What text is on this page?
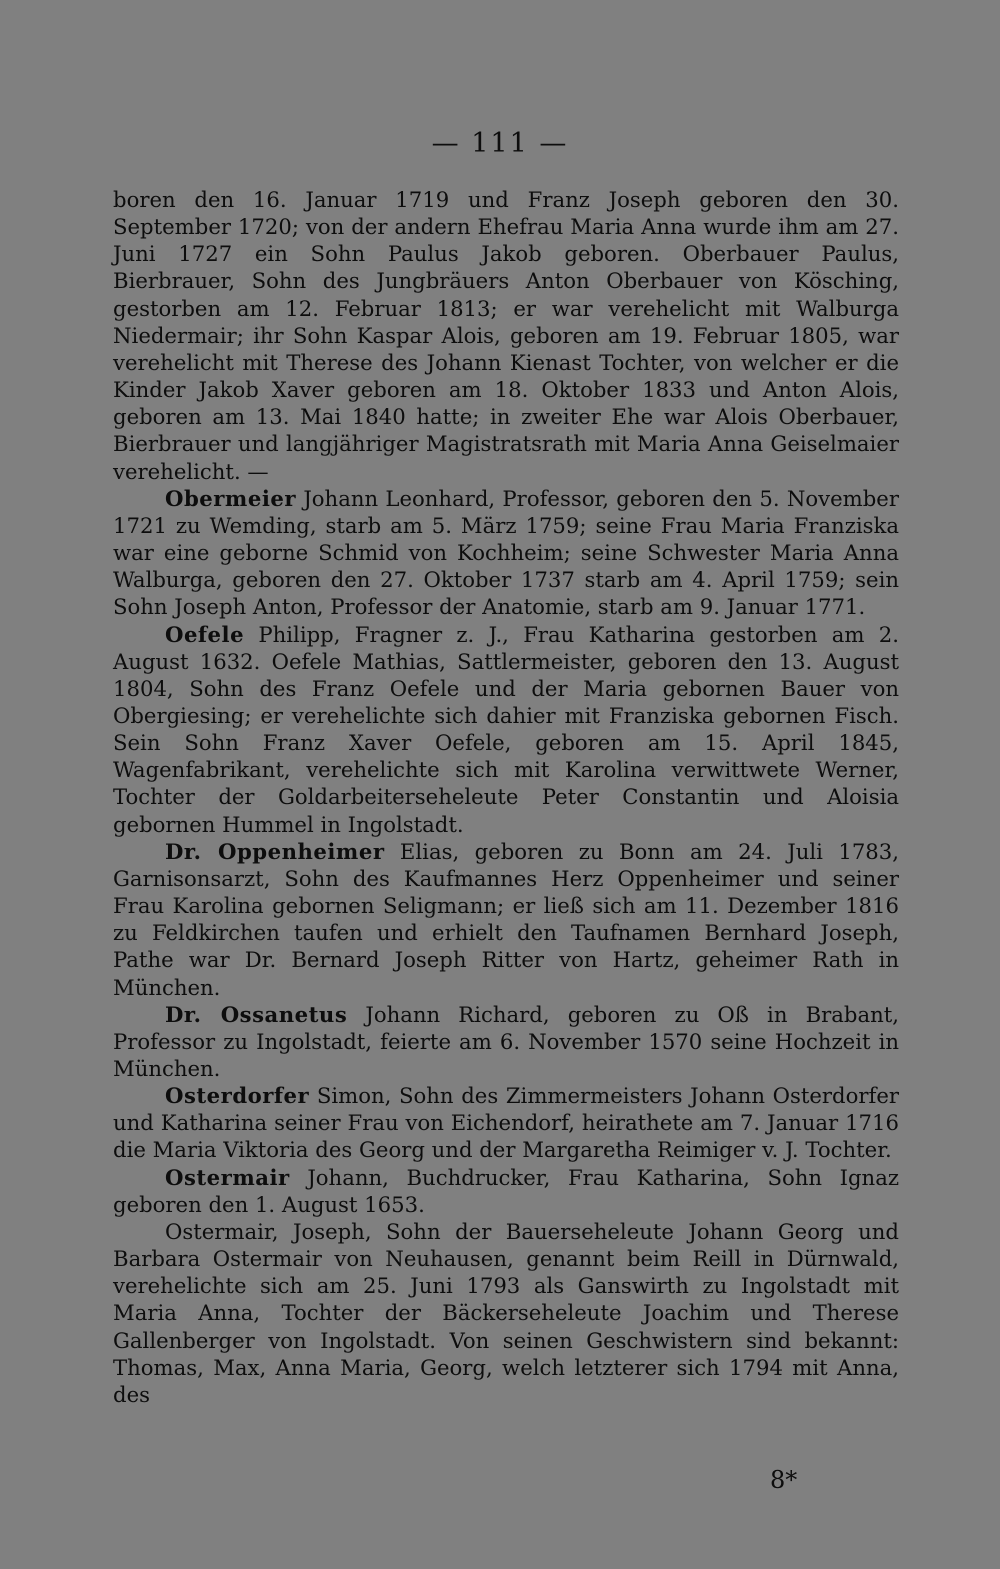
— 111 —

boren den 16. Januar 1719 und Franz Joseph geboren den 30. September 1720; von der andern Ehefrau Maria Anna wurde ihm am 27. Juni 1727 ein Sohn Paulus Jakob geboren. Oberbauer Paulus, Bierbrauer, Sohn des Jungbräuers Anton Oberbauer von Kösching, gestorben am 12. Februar 1813; er war verehelicht mit Walburga Niedermair; ihr Sohn Kaspar Alois, geboren am 19. Februar 1805, war verehelicht mit Therese des Johann Kienast Tochter, von welcher er die Kinder Jakob Xaver geboren am 18. Oktober 1833 und Anton Alois, geboren am 13. Mai 1840 hatte; in zweiter Ehe war Alois Oberbauer, Bierbrauer und langjähriger Magistratsrath mit Maria Anna Geiselmaier verehelicht. —

Obermeier Johann Leonhard, Professor, geboren den 5. November 1721 zu Wemding, starb am 5. März 1759; seine Frau Maria Franziska war eine geborne Schmid von Kochheim; seine Schwester Maria Anna Walburga, geboren den 27. Oktober 1737 starb am 4. April 1759; sein Sohn Joseph Anton, Professor der Anatomie, starb am 9. Januar 1771.

Oefele Philipp, Fragner z. J., Frau Katharina gestorben am 2. August 1632. Oefele Mathias, Sattlermeister, geboren den 13. August 1804, Sohn des Franz Oefele und der Maria gebornen Bauer von Obergiesing; er verehelichte sich dahier mit Franziska gebornen Fisch. Sein Sohn Franz Xaver Oefele, geboren am 15. April 1845, Wagenfabrikant, verehelichte sich mit Karolina verwittwete Werner, Tochter der Goldarbeiterseheleute Peter Constantin und Aloisia gebornen Hummel in Ingolstadt.

Dr. Oppenheimer Elias, geboren zu Bonn am 24. Juli 1783, Garnisonsarzt, Sohn des Kaufmannes Herz Oppenheimer und seiner Frau Karolina gebornen Seligmann; er ließ sich am 11. Dezember 1816 zu Feldkirchen taufen und erhielt den Taufnamen Bernhard Joseph, Pathe war Dr. Bernard Joseph Ritter von Hartz, geheimer Rath in München.

Dr. Ossanetus Johann Richard, geboren zu Oß in Brabant, Professor zu Ingolstadt, feierte am 6. November 1570 seine Hochzeit in München.

Osterdorfer Simon, Sohn des Zimmermeisters Johann Osterdorfer und Katharina seiner Frau von Eichendorf, heirathete am 7. Januar 1716 die Maria Viktoria des Georg und der Margaretha Reimiger v. J. Tochter.

Ostermair Johann, Buchdrucker, Frau Katharina, Sohn Ignaz geboren den 1. August 1653.

Ostermair, Joseph, Sohn der Bauerseheleute Johann Georg und Barbara Ostermair von Neuhausen, genannt beim Reill in Dürnwald, verehelichte sich am 25. Juni 1793 als Ganswirth zu Ingolstadt mit Maria Anna, Tochter der Bäckerseheleute Joachim und Therese Gallenberger von Ingolstadt. Von seinen Geschwistern sind bekannt: Thomas, Max, Anna Maria, Georg, welch letzterer sich 1794 mit Anna, des

8*
